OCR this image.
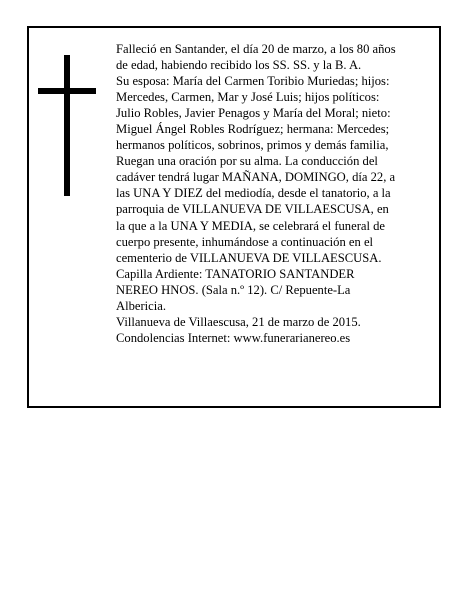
Falleció en Santander, el día 20 de marzo, a los 80 años
de edad, habiendo recibido los SS. SS. y la B. A.
Su esposa: María del Carmen Toribio Muriedas; hijos:
Mercedes, Carmen, Mar y José Luis; hijos políticos:
Julio Robles, Javier Penagos y María del Moral; nieto:
Miguel Ángel Robles Rodríguez; hermana: Mercedes;
hermanos políticos, sobrinos, primos y demás familia,
Ruegan una oración por su alma. La conducción del
cadáver tendrá lugar MAÑANA, DOMINGO, día 22, a
las UNA Y DIEZ del mediodía, desde el tanatorio, a la
parroquia de VILLANUEVA DE VILLAESCUSA, en
la que a la UNA Y MEDIA, se celebrará el funeral de
cuerpo presente, inhumándose a continuación en el
cementerio de VILLANUEVA DE VILLAESCUSA.
Capilla Ardiente: TANATORIO SANTANDER
NEREO HNOS. (Sala n.º 12). C/ Repuente-La
Albericia.
Villanueva de Villaescusa, 21 de marzo de 2015.
Condolencias Internet: www.funerarianereo.es
